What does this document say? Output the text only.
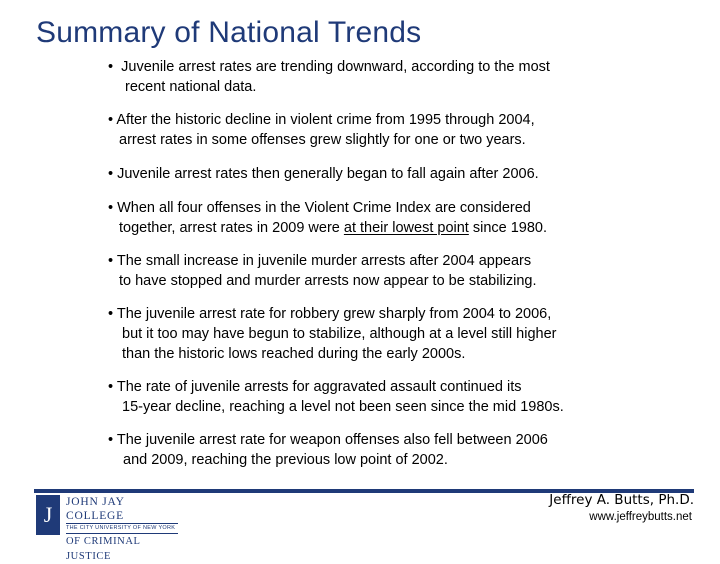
Summary of National Trends
• Juvenile arrest rates are trending downward, according to the most
recent national data.
• After the historic decline in violent crime from 1995 through 2004,
arrest rates in some offenses grew slightly for one or two years.
• Juvenile arrest rates then generally began to fall again after 2006.
• When all four offenses in the Violent Crime Index are considered
together, arrest rates in 2009 were at their lowest point since 1980.
• The small increase in juvenile murder arrests after 2004 appears
to have stopped and murder arrests now appear to be stabilizing.
• The juvenile arrest rate for robbery grew sharply from 2004 to 2006,
but it too may have begun to stabilize, although at a level still higher
than the historic lows reached during the early 2000s.
• The rate of juvenile arrests for aggravated assault continued its
15-year decline, reaching a level not been seen since the mid 1980s.
• The juvenile arrest rate for weapon offenses also fell between 2006
and 2009, reaching the previous low point of 2002.
J	JOHN JAY COLLEGE
THE CITY UNIVERSITY OF NEW YORK
OF CRIMINAL JUSTICE
Jeffrey A. Butts, Ph.D.
www.jeffreybutts.net
